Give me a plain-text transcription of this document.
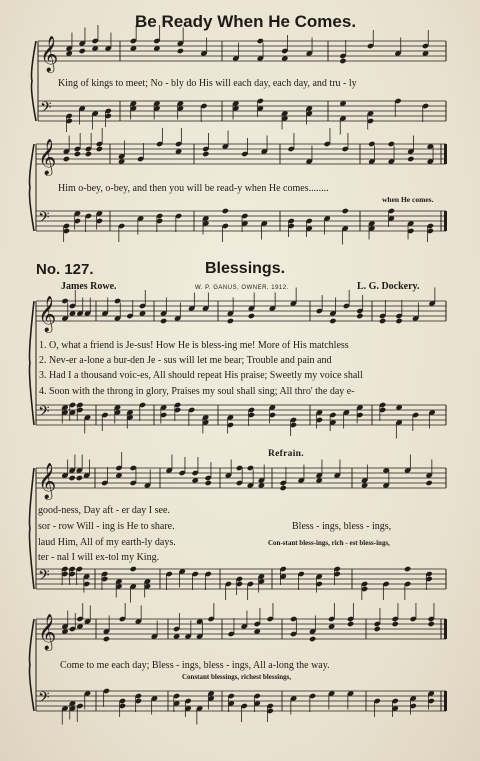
𝄞
𝄢
𝄞
𝄢
𝄞
𝄢
𝄞
𝄢
𝄞
𝄢
Be Ready When He Comes.
King of kings to meet; No - bly do His will each day, each day, and tru - ly
Him o-bey, o-bey, and then you will be read-y when He comes........
when He comes.
No. 127.	Blessings.
James Rowe.	W. P. GANUS, OWNER, 1912.	L. G. Dockery.
1. O, what a friend is Je-sus! How He is bless-ing me! More of His matchless
2. Nev-er a-lone a bur-den Je - sus will let me bear; Trouble and pain and
3. Had I a thousand voic-es, All should repeat His praise; Sweetly my voice shall
4. Soon with the throng in glory, Praises my soul shall sing; All thro' the day e-
Refrain.
good-ness, Day aft - er day I see.
sor - row Will - ing is He to share.
laud Him, All of my earth-ly days.
ter - nal I will ex-tol my King.
Bless - ings, bless - ings,
Con-stant bless-ings, rich - est bless-ings,
Come to me each day; Bless - ings, bless - ings, All a-long the way.
Constant blessings, richest blessings,
